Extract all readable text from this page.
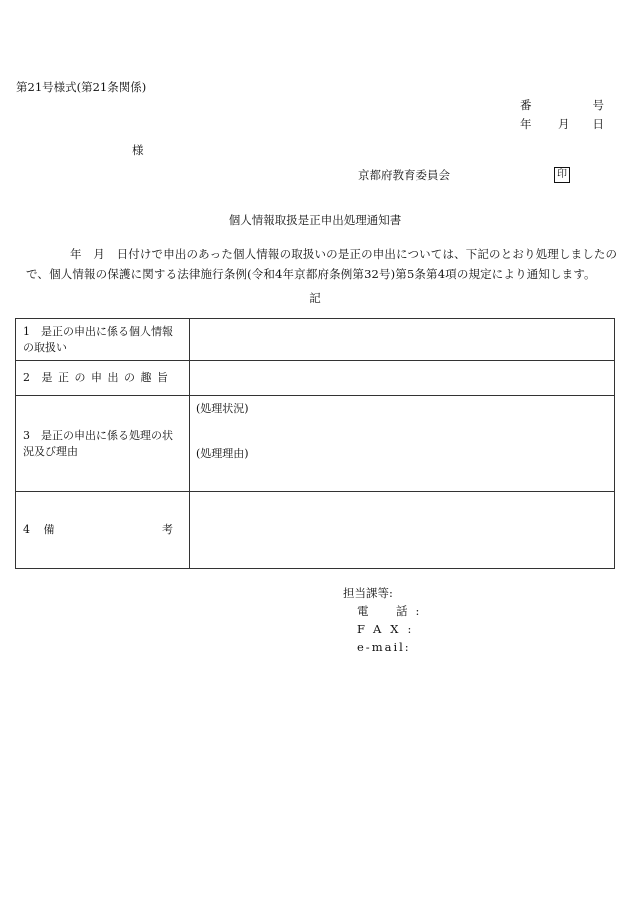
第21号様式(第21条関係)
番	号
年 月 日
様
京都府教育委員会	印
個人情報取扱是正申出処理通知書
年　月　日付けで申出のあった個人情報の取扱いの是正の申出については、下記のとおり処理しましたので、個人情報の保護に関する法律施行条例(令和4年京都府条例第32号)第5条第4項の規定により通知します。
記
1　是正の申出に係る個人情報の取扱い	
2 是正の申出の趣旨	
3　是正の申出に係る処理の状況及び理由	(処理状況)
(処理理由)

4 備 考	

担当課等:
電　話:
FAX:
e-mail:
